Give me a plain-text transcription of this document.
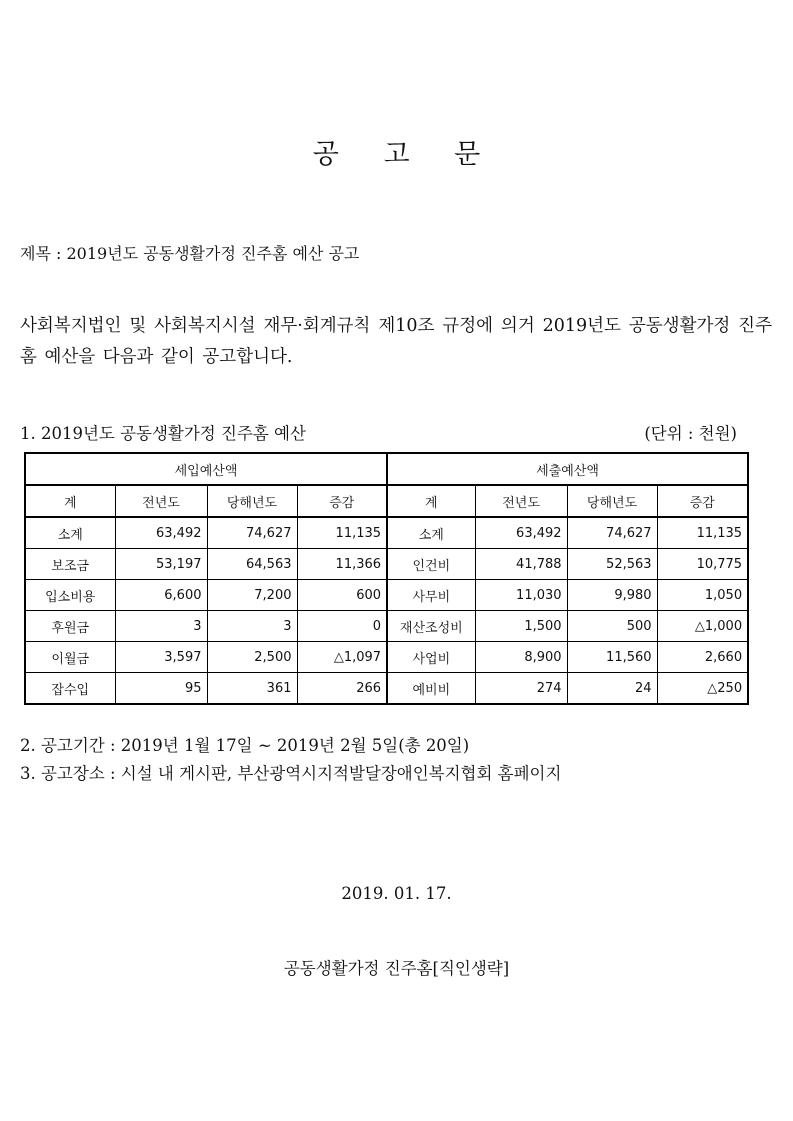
공 고 문
제목 : 2019년도 공동생활가정 진주홈 예산 공고
사회복지법인 및 사회복지시설 재무·회계규칙 제10조 규정에 의거 2019년도 공동생활가정 진주홈 예산을 다음과 같이 공고합니다.
1. 2019년도 공동생활가정 진주홈 예산	(단위 : 천원)
세입예산액				세출예산액			
계	전년도	당해년도	증감	계	전년도	당해년도	증감
소계	63,492	74,627	11,135	소계	63,492	74,627	11,135
보조금	53,197	64,563	11,366	인건비	41,788	52,563	10,775
입소비용	6,600	7,200	600	사무비	11,030	9,980	1,050
후원금	3	3	0	재산조성비	1,500	500	△1,000
이월금	3,597	2,500	△1,097	사업비	8,900	11,560	2,660
잡수입	95	361	266	예비비	274	24	△250
2. 공고기간 : 2019년 1월 17일 ~ 2019년 2월 5일(총 20일)
3. 공고장소 : 시설 내 게시판, 부산광역시지적발달장애인복지협회 홈페이지
2019. 01. 17.
공동생활가정 진주홈[직인생략]
